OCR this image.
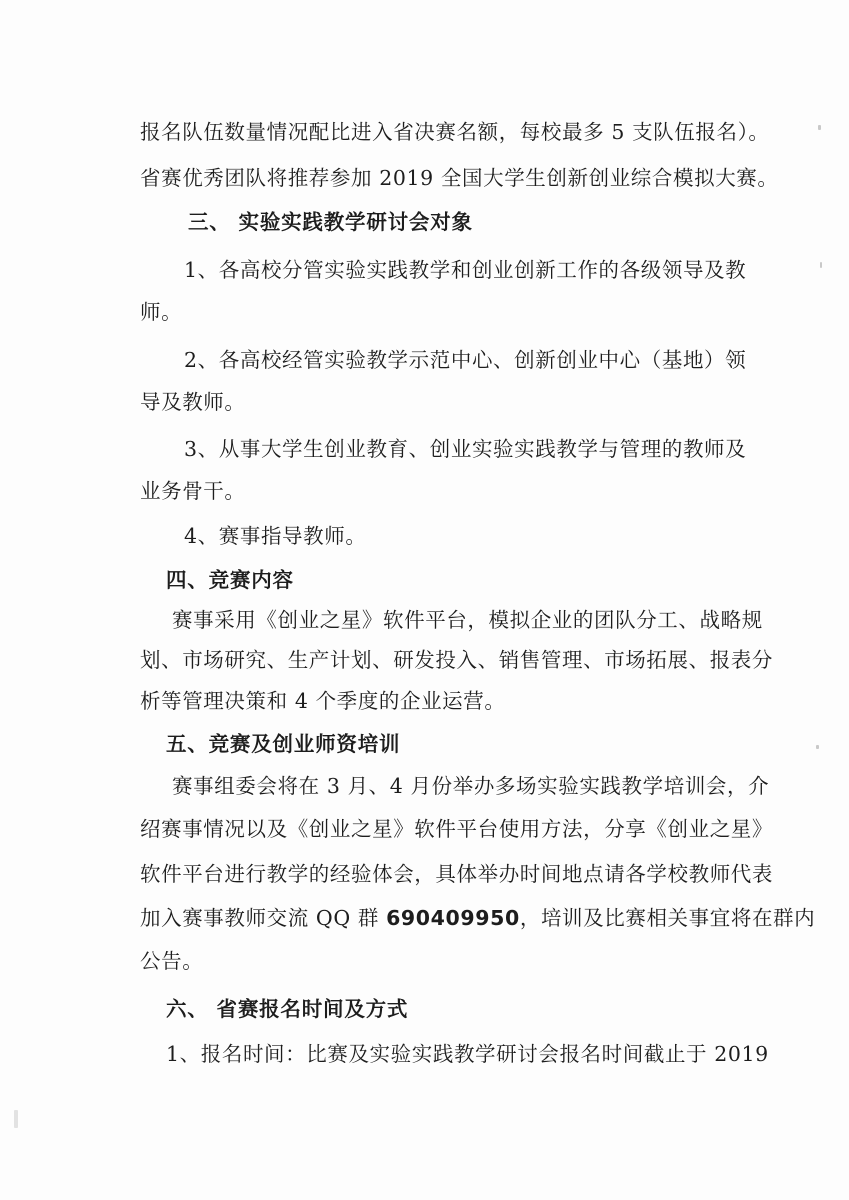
报名队伍数量情况配比进入省决赛名额，每校最多 5 支队伍报名）。
省赛优秀团队将推荐参加 2019 全国大学生创新创业综合模拟大赛。
三、 实验实践教学研讨会对象
1、各高校分管实验实践教学和创业创新工作的各级领导及教
师。
2、各高校经管实验教学示范中心、创新创业中心（基地）领
导及教师。
3、从事大学生创业教育、创业实验实践教学与管理的教师及
业务骨干。
4、赛事指导教师。
四、竞赛内容
赛事采用《创业之星》软件平台，模拟企业的团队分工、战略规
划、市场研究、生产计划、研发投入、销售管理、市场拓展、报表分
析等管理决策和 4 个季度的企业运营。
五、竞赛及创业师资培训
赛事组委会将在 3 月、4 月份举办多场实验实践教学培训会，介
绍赛事情况以及《创业之星》软件平台使用方法，分享《创业之星》
软件平台进行教学的经验体会，具体举办时间地点请各学校教师代表
加入赛事教师交流 QQ 群 690409950，培训及比赛相关事宜将在群内
公告。
六、 省赛报名时间及方式
1、报名时间：比赛及实验实践教学研讨会报名时间截止于 2019
